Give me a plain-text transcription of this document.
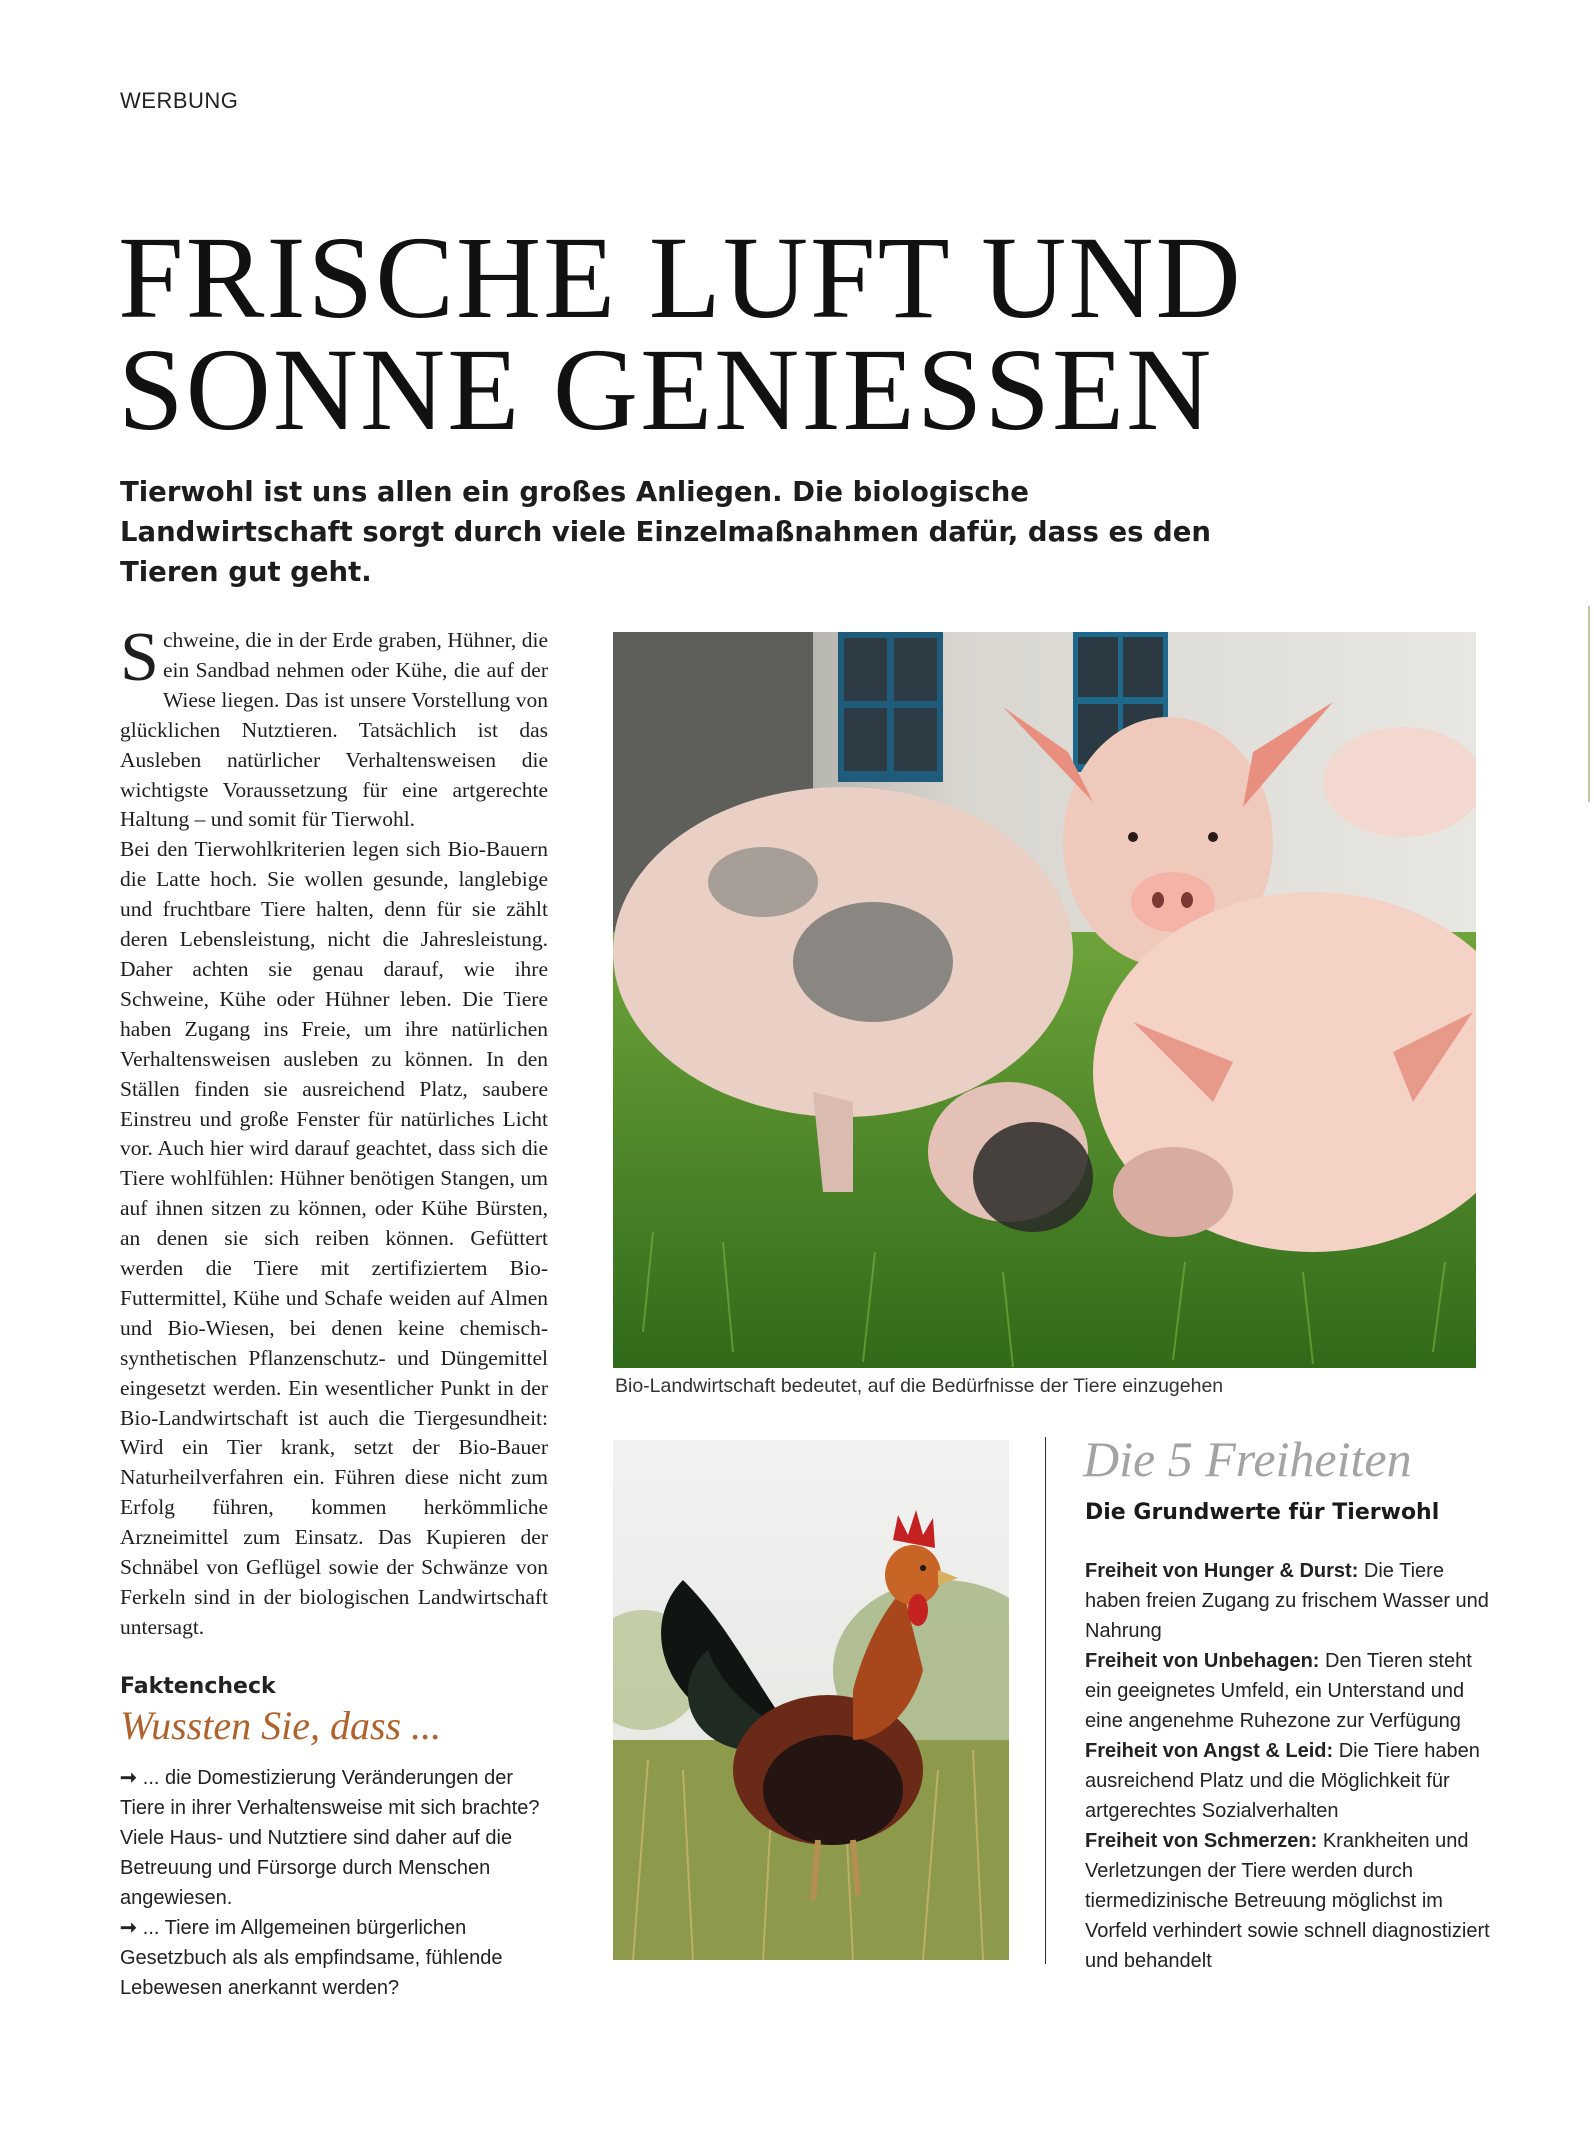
WERBUNG
FRISCHE LUFT UND
SONNE GENIESSEN

Tierwohl ist uns allen ein großes Anliegen. Die biologische Landwirtschaft sorgt durch viele Einzelmaßnahmen dafür, dass es den Tieren gut geht.

Schweine, die in der Erde graben, Hühner, die ein Sandbad nehmen oder Kühe, die auf der Wiese liegen. Das ist unsere Vorstellung von glücklichen Nutztieren. Tatsächlich ist das Ausleben natürlicher Verhaltensweisen die wichtigste Voraussetzung für eine artgerechte Haltung – und somit für Tierwohl.

Bei den Tierwohlkriterien legen sich Bio-Bauern die Latte hoch. Sie wollen gesunde, langlebige und fruchtbare Tiere halten, denn für sie zählt deren Lebensleistung, nicht die Jahresleistung. Daher achten sie genau darauf, wie ihre Schweine, Kühe oder Hühner leben. Die Tiere haben Zugang ins Freie, um ihre natürlichen Verhaltensweisen ausleben zu können. In den Ställen finden sie ausreichend Platz, saubere Einstreu und große Fenster für natürliches Licht vor. Auch hier wird darauf geachtet, dass sich die Tiere wohlfühlen: Hühner benötigen Stangen, um auf ihnen sitzen zu können, oder Kühe Bürsten, an denen sie sich reiben können. Gefüttert werden die Tiere mit zertifiziertem Bio-Futtermittel, Kühe und Schafe weiden auf Almen und Bio-Wiesen, bei denen keine chemisch-synthetischen Pflanzenschutz- und Düngemittel eingesetzt werden. Ein wesentlicher Punkt in der Bio-Landwirtschaft ist auch die Tiergesundheit: Wird ein Tier krank, setzt der Bio-Bauer Naturheilverfahren ein. Führen diese nicht zum Erfolg führen, kommen herkömmliche Arzneimittel zum Einsatz. Das Kupieren der Schnäbel von Geflügel sowie der Schwänze von Ferkeln sind in der biologischen Landwirtschaft untersagt.

Bio-Landwirtschaft bedeutet, auf die Bedürfnisse der Tiere einzugehen
Faktencheck
Wussten Sie, dass ...
➞ ... die Domestizierung Veränderungen der Tiere in ihrer Verhaltensweise mit sich brachte? Viele Haus- und Nutztiere sind daher auf die Betreuung und Fürsorge durch Menschen angewiesen.
➞ ... Tiere im Allgemeinen bürgerlichen Gesetzbuch als als empfindsame, fühlende Lebewesen anerkannt werden?
Die 5 Freiheiten
Die Grundwerte für Tierwohl

Freiheit von Hunger & Durst: Die Tiere haben freien Zugang zu frischem Wasser und Nahrung

Freiheit von Unbehagen: Den Tieren steht ein geeignetes Umfeld, ein Unterstand und eine angenehme Ruhezone zur Verfügung

Freiheit von Angst & Leid: Die Tiere haben ausreichend Platz und die Möglichkeit für artgerechtes Sozialverhalten

Freiheit von Schmerzen: Krankheiten und Verletzungen der Tiere werden durch tiermedizinische Betreuung möglichst im Vorfeld verhindert sowie schnell diagnostiziert und behandelt
